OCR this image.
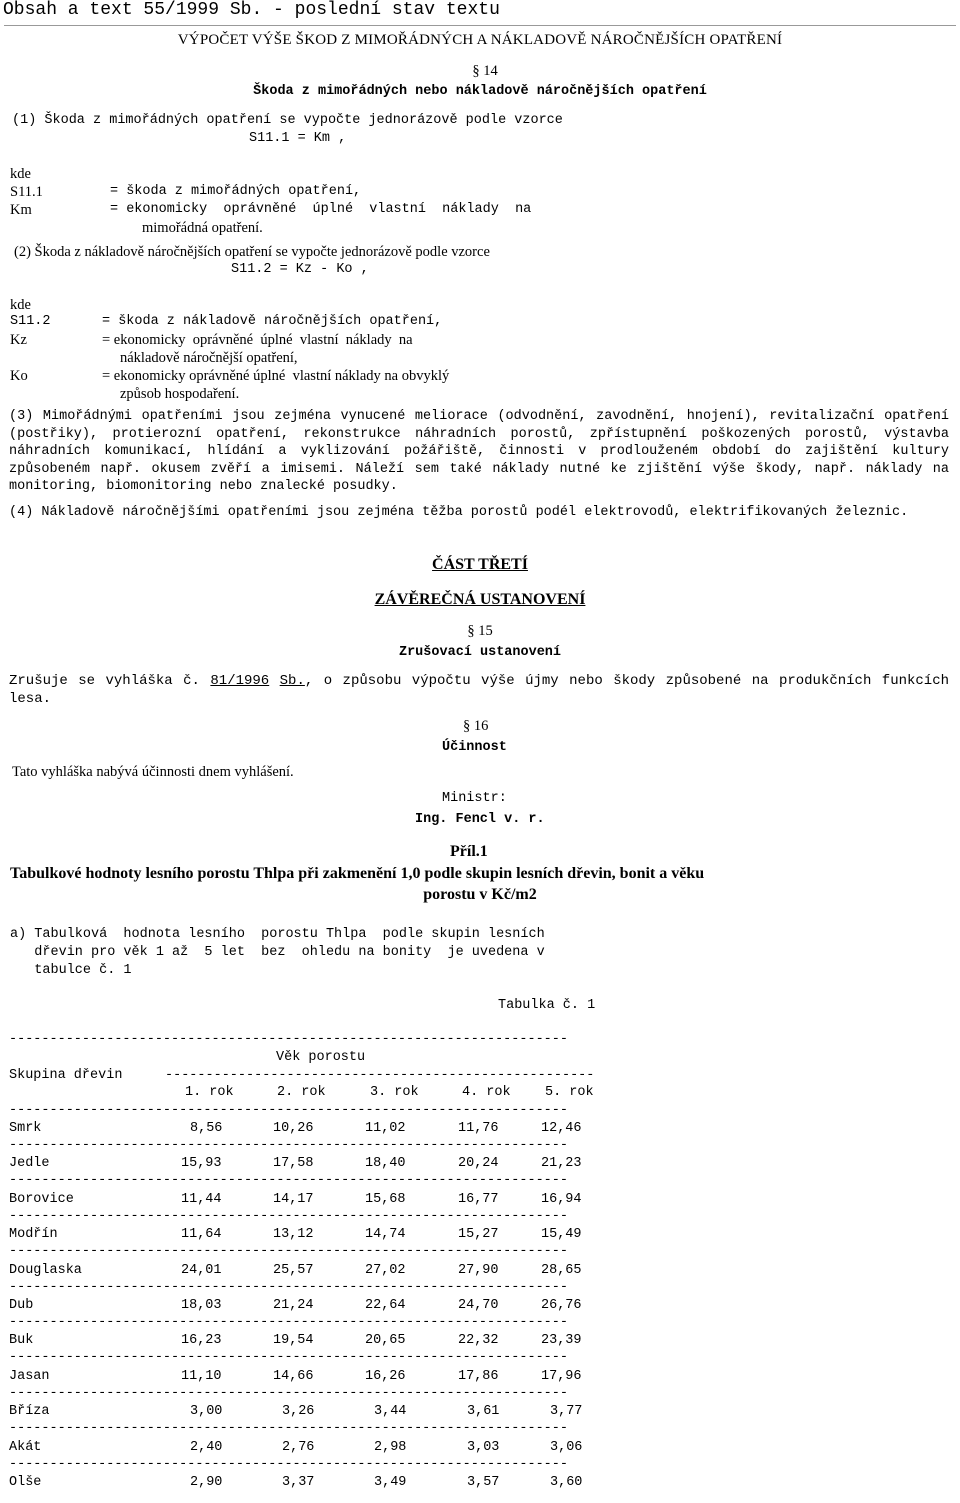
Obsah a text 55/1999 Sb. - poslední stav textu
VÝPOČET VÝŠE ŠKOD Z MIMOŘÁDNÝCH A NÁKLADOVĚ NÁROČNĚJŠÍCH OPATŘENÍ
§ 14
Škoda z mimořádných nebo nákladově náročnějších opatření
(1) Škoda z mimořádných opatření se vypočte jednorázově podle vzorce
S11.1 = Km ,
kde
S11.1	= škoda z mimořádných opatření,
Km	= ekonomicky  oprávněné  úplné  vlastní  náklady  na
mimořádná opatření.
(2) Škoda z nákladově náročnějších opatření se vypočte jednorázově podle vzorce
S11.2 = Kz - Ko ,
kde
S11.2	= škoda z nákladově náročnějších opatření,
Kz	= ekonomicky  oprávněné  úplné  vlastní  náklady  na
nákladově náročnější opatření,
Ko	= ekonomicky oprávněné úplné  vlastní náklady na obvyklý
způsob hospodaření.
(3) Mimořádnými opatřeními jsou zejména vynucené meliorace (odvodnění, zavodnění, hnojení), revitalizační opatření (postřiky), protierozní opatření, rekonstrukce náhradních porostů, zpřístupnění poškozených porostů, výstavba náhradních komunikací, hlídání a vyklizování požářiště, činnosti v prodlouženém období do zajištění kultury způsobeném např. okusem zvěří a imisemi. Náleží sem také náklady nutné ke zjištění výše škody, např. náklady na monitoring, biomonitoring nebo znalecké posudky.
(4) Nákladově náročnějšími opatřeními jsou zejména těžba porostů podél elektrovodů, elektrifikovaných železnic.
ČÁST TŘETÍ
ZÁVĚREČNÁ USTANOVENÍ
§ 15
Zrušovací ustanovení
Zrušuje se vyhláška č. 81/1996 Sb., o způsobu výpočtu výše újmy nebo škody způsobené na produkčních funkcích lesa.
§ 16
Účinnost
Tato vyhláška nabývá účinnosti dnem vyhlášení.
Ministr:
Ing. Fencl v. r.
Příl.1
Tabulkové hodnoty lesního porostu Thlpa při zakmenění 1,0 podle skupin lesních dřevin, bonit a věku
porostu v Kč/m2
a) Tabulková  hodnota lesního  porostu Thlpa  podle skupin lesních
dřevin pro věk 1 až  5 let  bez  ohledu na bonity  je uvedena v
tabulce č. 1
Tabulka č. 1
---------------------------------------------------------------------
Věk porostu
Skupina dřevin	-----------------------------------------------------
1. rok	2. rok	3. rok	4. rok	5. rok
---------------------------------------------------------------------
Smrk	8,56	10,26	11,02	11,76	12,46
---------------------------------------------------------------------
Jedle	15,93	17,58	18,40	20,24	21,23
---------------------------------------------------------------------
Borovice	11,44	14,17	15,68	16,77	16,94
---------------------------------------------------------------------
Modřín	11,64	13,12	14,74	15,27	15,49
---------------------------------------------------------------------
Douglaska	24,01	25,57	27,02	27,90	28,65
---------------------------------------------------------------------
Dub	18,03	21,24	22,64	24,70	26,76
---------------------------------------------------------------------
Buk	16,23	19,54	20,65	22,32	23,39
---------------------------------------------------------------------
Jasan	11,10	14,66	16,26	17,86	17,96
---------------------------------------------------------------------
Bříza	3,00	3,26	3,44	3,61	3,77
---------------------------------------------------------------------
Akát	2,40	2,76	2,98	3,03	3,06
---------------------------------------------------------------------
Olše	2,90	3,37	3,49	3,57	3,60
